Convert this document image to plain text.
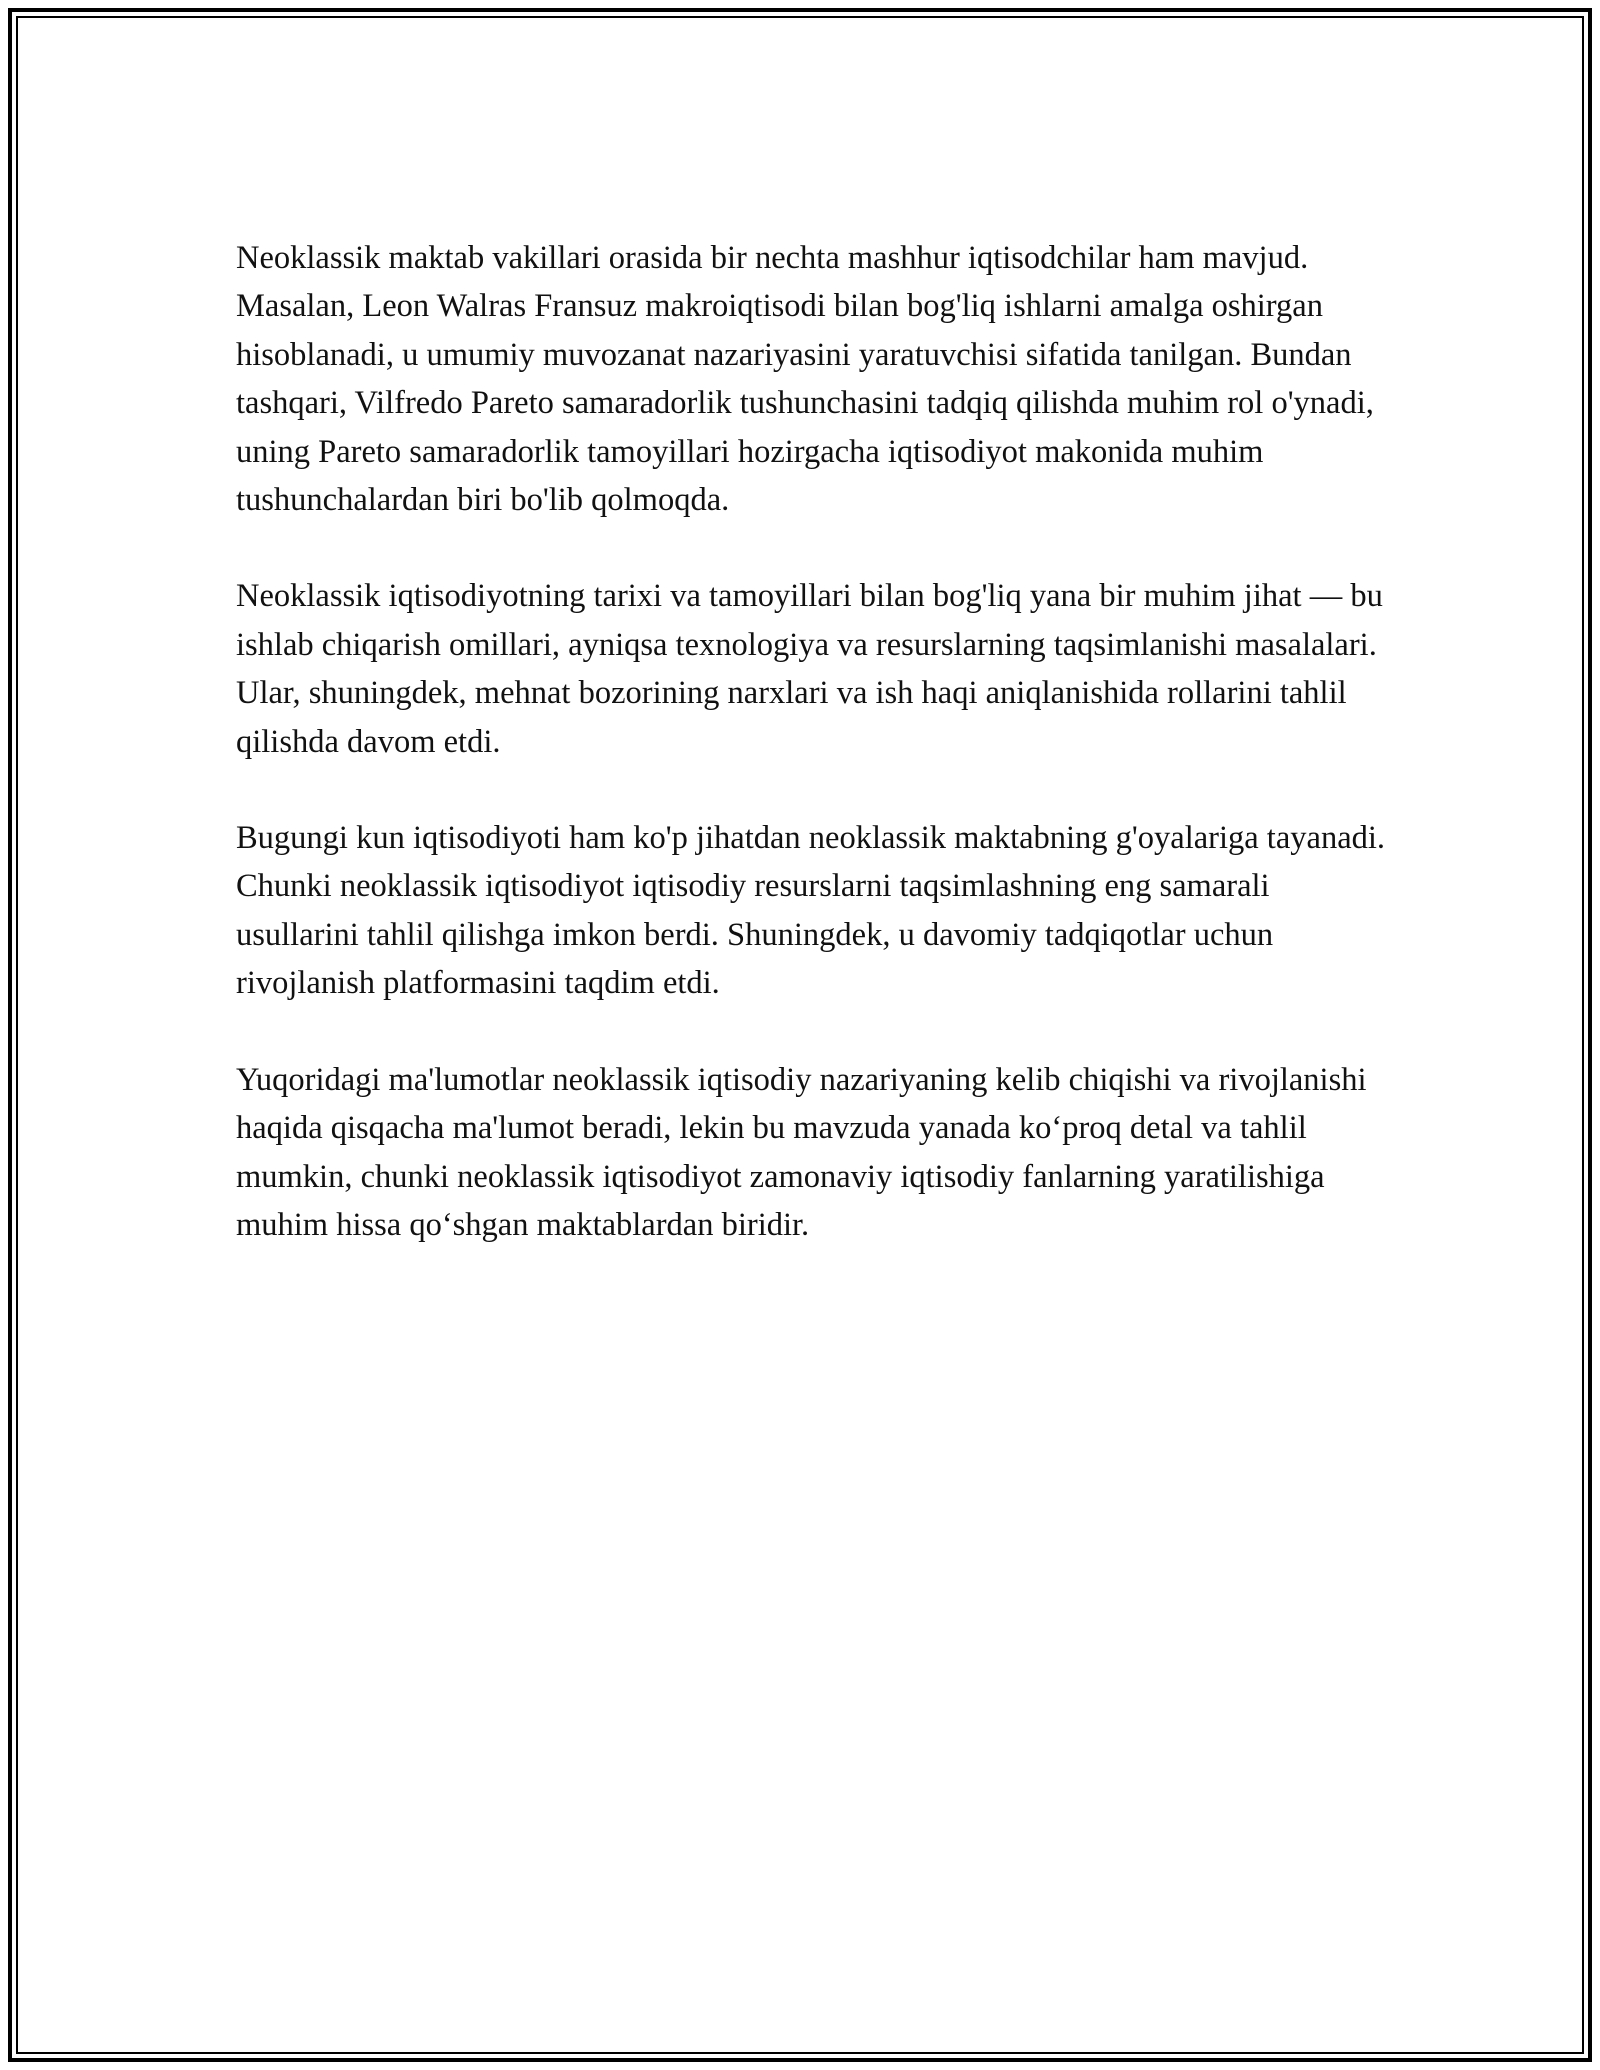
Neoklassik maktab vakillari orasida bir nechta mashhur iqtisodchilar ham mavjud. Masalan, Leon Walras Fransuz makroiqtisodi bilan bog'liq ishlarni amalga oshirgan hisoblanadi, u umumiy muvozanat nazariyasini yaratuvchisi sifatida tanilgan. Bundan tashqari, Vilfredo Pareto samaradorlik tushunchasini tadqiq qilishda muhim rol o'ynadi, uning Pareto samaradorlik tamoyillari hozirgacha iqtisodiyot makonida muhim tushunchalardan biri bo'lib qolmoqda.

Neoklassik iqtisodiyotning tarixi va tamoyillari bilan bog'liq yana bir muhim jihat — bu ishlab chiqarish omillari, ayniqsa texnologiya va resurslarning taqsimlanishi masalalari. Ular, shuningdek, mehnat bozorining narxlari va ish haqi aniqlanishida rollarini tahlil qilishda davom etdi.

Bugungi kun iqtisodiyoti ham ko'p jihatdan neoklassik maktabning g'oyalariga tayanadi. Chunki neoklassik iqtisodiyot iqtisodiy resurslarni taqsimlashning eng samarali usullarini tahlil qilishga imkon berdi. Shuningdek, u davomiy tadqiqotlar uchun rivojlanish platformasini taqdim etdi.

Yuqoridagi ma'lumotlar neoklassik iqtisodiy nazariyaning kelib chiqishi va rivojlanishi haqida qisqacha ma'lumot beradi, lekin bu mavzuda yanada ko‘proq detal va tahlil mumkin, chunki neoklassik iqtisodiyot zamonaviy iqtisodiy fanlarning yaratilishiga muhim hissa qo‘shgan maktablardan biridir.
